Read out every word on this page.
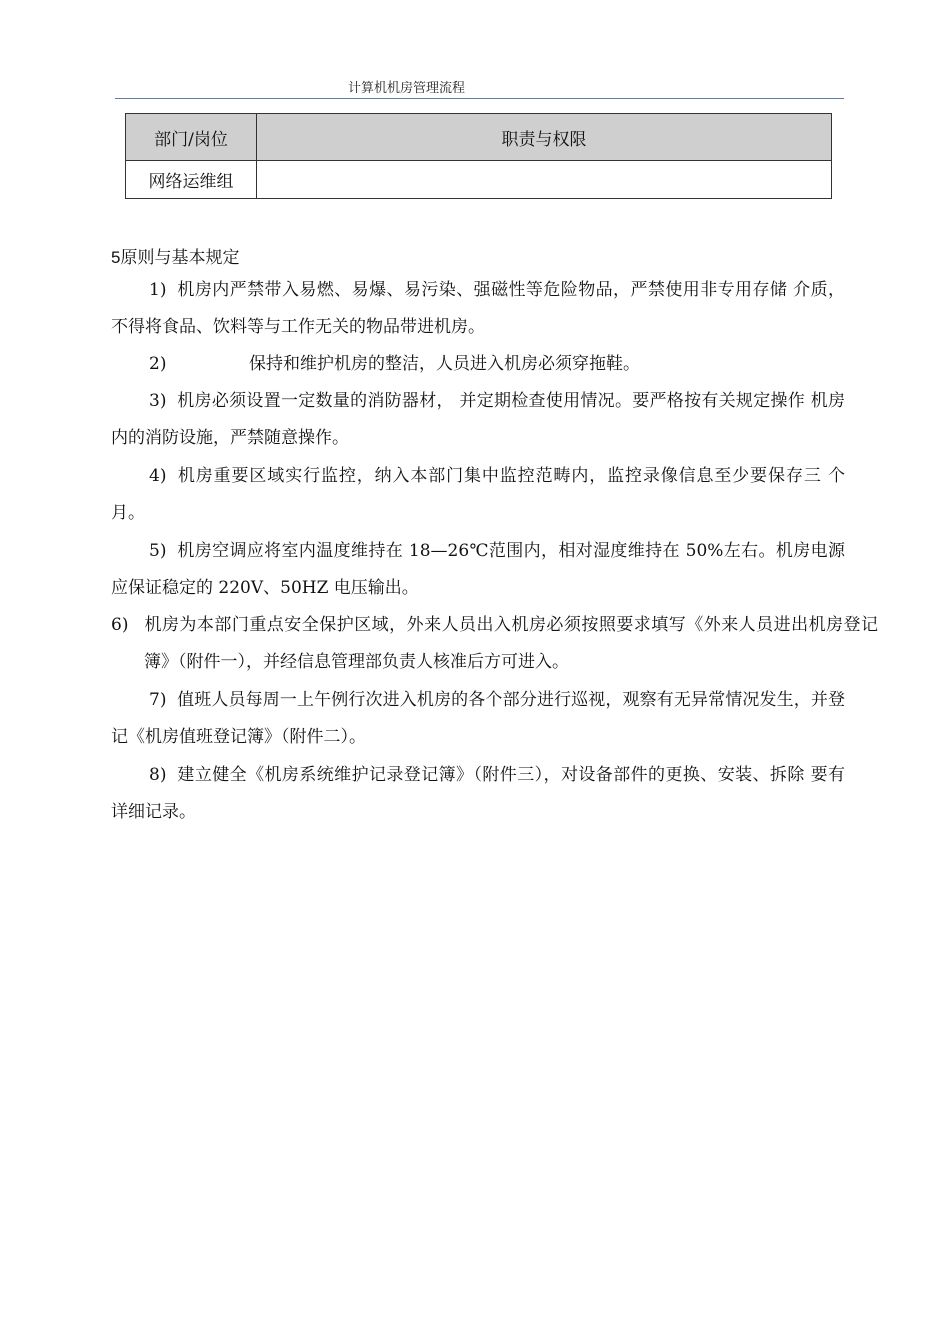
计算机机房管理流程
部门/岗位	职责与权限
网络运维组	
5原则与基本规定

1) 机房内严禁带入易燃、易爆、易污染、强磁性等危险物品，严禁使用非专用存储 介质，不得将食品、饮料等与工作无关的物品带进机房。

2)	保持和维护机房的整洁，人员进入机房必须穿拖鞋。

3) 机房必须设置一定数量的消防器材， 并定期检查使用情况。要严格按有关规定操作 机房内的消防设施，严禁随意操作。

4) 机房重要区域实行监控，纳入本部门集中监控范畴内，监控录像信息至少要保存三 个月。

5) 机房空调应将室内温度维持在 18—26℃范围内，相对湿度维持在 50%左右。机房电源应保证稳定的 220V、50HZ 电压输出。

6) 机房为本部门重点安全保护区域，外来人员出入机房必须按照要求填写《外来人员进出机房登记簿》（附件一），并经信息管理部负责人核准后方可进入。

7) 值班人员每周一上午例行次进入机房的各个部分进行巡视，观察有无异常情况发生，并登记《机房值班登记簿》（附件二）。

8) 建立健全《机房系统维护记录登记簿》（附件三），对设备部件的更换、安装、拆除 要有详细记录。
